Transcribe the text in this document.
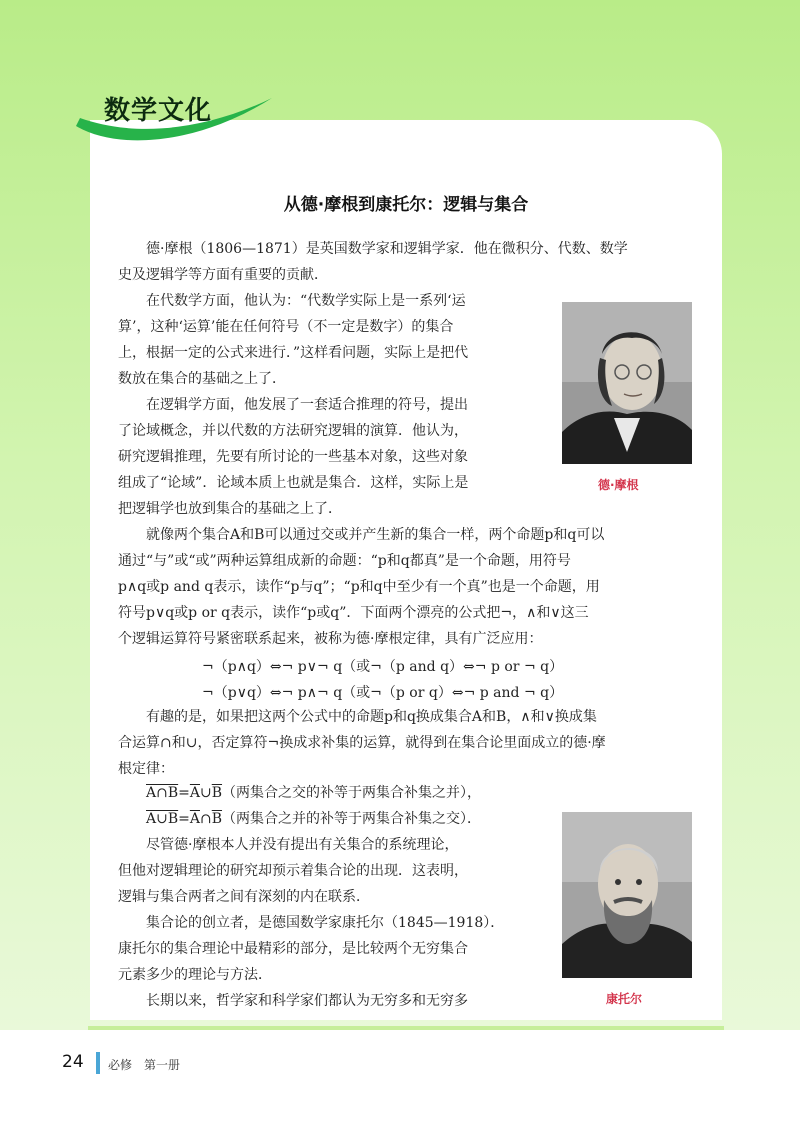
数学文化
从德·摩根到康托尔：逻辑与集合
德·摩根（1806—1871）是英国数学家和逻辑学家．他在微积分、代数、数学
史及逻辑学等方面有重要的贡献．
在代数学方面，他认为：“代数学实际上是一系列‘运
算’，这种‘运算’能在任何符号（不一定是数字）的集合
上，根据一定的公式来进行．”这样看问题，实际上是把代
数放在集合的基础之上了．
在逻辑学方面，他发展了一套适合推理的符号，提出
了论域概念，并以代数的方法研究逻辑的演算．他认为，
研究逻辑推理，先要有所讨论的一些基本对象，这些对象
组成了“论域”．论域本质上也就是集合．这样，实际上是
把逻辑学也放到集合的基础之上了．
就像两个集合A和B可以通过交或并产生新的集合一样，两个命题p和q可以
通过“与”或“或”两种运算组成新的命题：“p和q都真”是一个命题，用符号
p∧q或p and q表示，读作“p与q”；“p和q中至少有一个真”也是一个命题，用
符号p∨q或p or q表示，读作“p或q”．下面两个漂亮的公式把¬，∧和∨这三
个逻辑运算符号紧密联系起来，被称为德·摩根定律，具有广泛应用：
¬（p∧q）⇔¬ p∨¬ q（或¬（p and q）⇔¬ p or ¬ q）
¬（p∨q）⇔¬ p∧¬ q（或¬（p or q）⇔¬ p and ¬ q）
有趣的是，如果把这两个公式中的命题p和q换成集合A和B，∧和∨换成集
合运算∩和∪，否定算符¬换成求补集的运算，就得到在集合论里面成立的德·摩
根定律：
$A\cap B=\overline{A}\cup\overline{B}$（两集合之交的补等于两集合补集之并），
$A\cup B=\overline{A}\cap\overline{B}$（两集合之并的补等于两集合补集之交）．
尽管德·摩根本人并没有提出有关集合的系统理论，
但他对逻辑理论的研究却预示着集合论的出现．这表明，
逻辑与集合两者之间有深刻的内在联系．
集合论的创立者，是德国数学家康托尔（1845—1918）．
康托尔的集合理论中最精彩的部分，是比较两个无穷集合
元素多少的理论与方法．
长期以来，哲学家和科学家们都认为无穷多和无穷多
德·摩根
康托尔
24 必修　第一册
